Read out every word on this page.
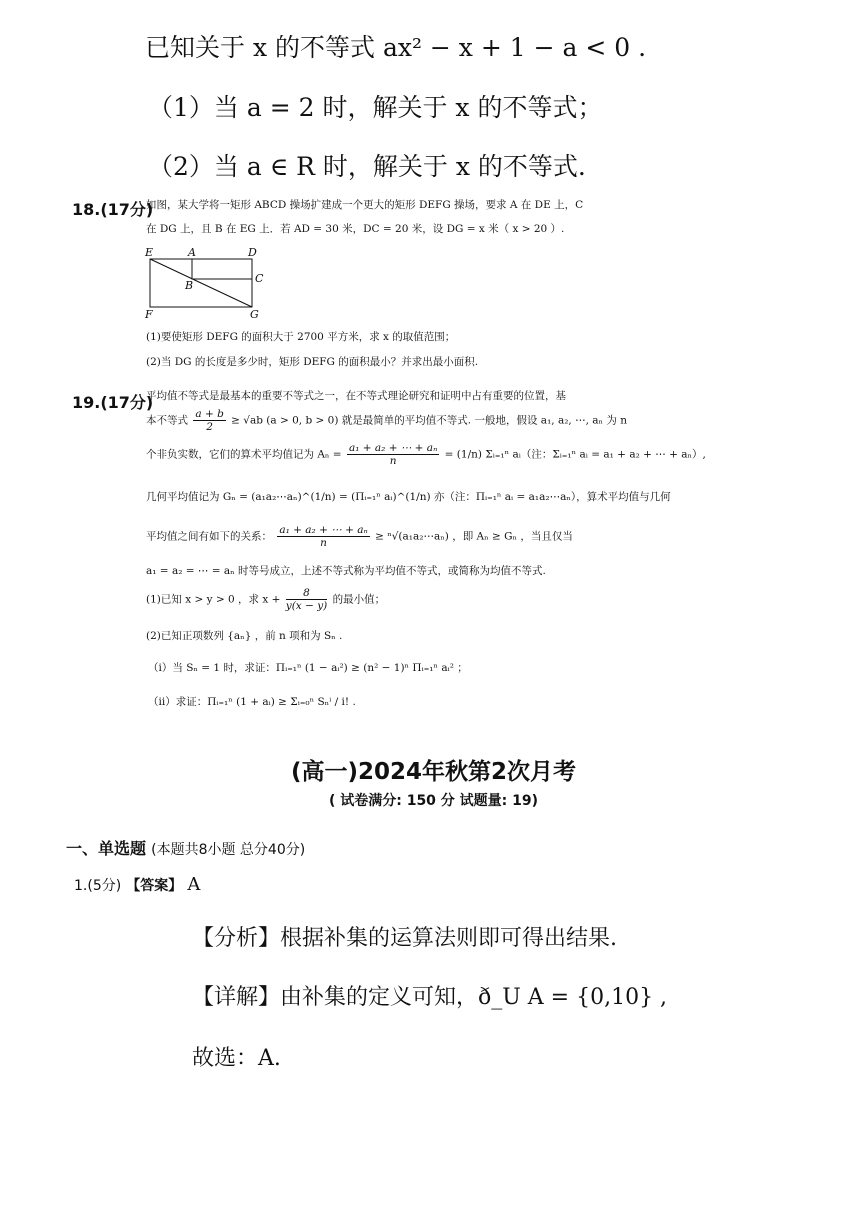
已知关于 x 的不等式 ax² − x + 1 − a < 0 .
（1）当 a = 2 时，解关于 x 的不等式；
（2）当 a ∈ R 时，解关于 x 的不等式.
18.(17分)
如图，某大学将一矩形 ABCD 操场扩建成一个更大的矩形 DEFG 操场，要求 A 在 DE 上，C
在 DG 上，且 B 在 EG 上．若 AD = 30 米，DC = 20 米，设 DG = x 米（ x > 20 ）.
E	A	D
C
B
F	G
(1)要使矩形 DEFG 的面积大于 2700 平方米，求 x 的取值范围；
(2)当 DG 的长度是多少时，矩形 DEFG 的面积最小？并求出最小面积.
19.(17分)
平均值不等式是最基本的重要不等式之一，在不等式理论研究和证明中占有重要的位置，基
本不等式 $\frac{a + b}{2} \ge √ab$ (a > 0, b > 0) 就是最简单的平均值不等式. 一般地，假设 a₁, a₂, ⋯, aₙ 为 n
个非负实数，它们的算术平均值记为 $A_n = \frac{\text{a₁ + a₂ + ⋯ + aₙ}}{n} = (1/n)$ Σᵢ₌₁ⁿ aᵢ（注：Σᵢ₌₁ⁿ aᵢ = a₁ + a₂ + ⋯ + aₙ）,
几何平均值记为 Gₙ = (a₁a₂⋯aₙ)^(1/n) = (Πᵢ₌₁ⁿ aᵢ)^(1/n) 亦（注：Πᵢ₌₁ⁿ aᵢ = a₁a₂⋯aₙ），算术平均值与几何
平均值之间有如下的关系： $\frac{\text{a₁ + a₂ + ⋯ + aₙ}}{n}$ ≥ ⁿ√(a₁a₂⋯aₙ) ，即 Aₙ ≥ Gₙ ，当且仅当
a₁ = a₂ = ⋯ = aₙ 时等号成立，上述不等式称为平均值不等式，或简称为均值不等式.
(1)已知 x > y > 0 ，求 $x + \frac{8}{y(x - y)}$ 的最小值；
(2)已知正项数列 {aₙ} ，前 n 项和为 Sₙ .
（i）当 Sₙ = 1 时，求证：Πᵢ₌₁ⁿ (1 − aᵢ²) ≥ (n² − 1)ⁿ Πᵢ₌₁ⁿ aᵢ² ；
（ii）求证：Πᵢ₌₁ⁿ (1 + aᵢ) ≥ Σᵢ₌₀ⁿ Sₙⁱ / i! .
(高一)2024年秋第2次月考
( 试卷满分: 150 分 试题量: 19)
一、单选题 (本题共8小题 总分40分)
1.(5分) 【答案】 A
【分析】根据补集的运算法则即可得出结果.
【详解】由补集的定义可知，ð_U A = {0,10} ,
故选：A.
